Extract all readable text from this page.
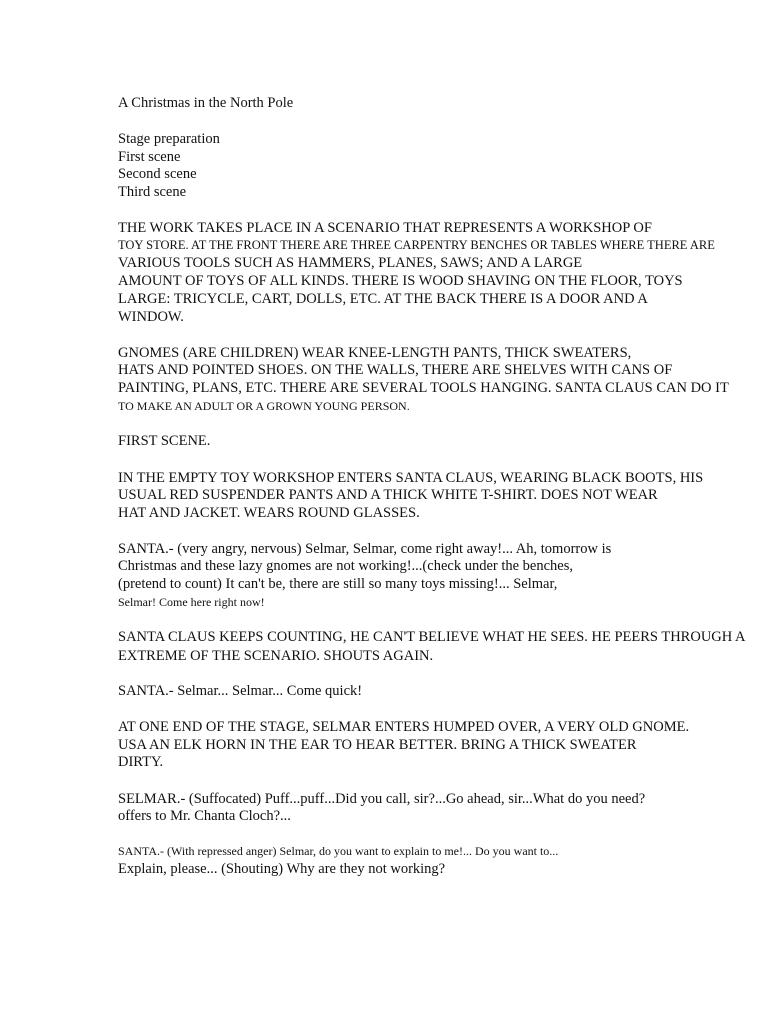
A Christmas in the North Pole

Stage preparation

First scene

Second scene

Third scene

THE WORK TAKES PLACE IN A SCENARIO THAT REPRESENTS A WORKSHOP OF

TOY STORE. AT THE FRONT THERE ARE THREE CARPENTRY BENCHES OR TABLES WHERE THERE ARE

VARIOUS TOOLS SUCH AS HAMMERS, PLANES, SAWS; AND A LARGE

AMOUNT OF TOYS OF ALL KINDS. THERE IS WOOD SHAVING ON THE FLOOR, TOYS

LARGE: TRICYCLE, CART, DOLLS, ETC. AT THE BACK THERE IS A DOOR AND A

WINDOW.

GNOMES (ARE CHILDREN) WEAR KNEE-LENGTH PANTS, THICK SWEATERS,

HATS AND POINTED SHOES. ON THE WALLS, THERE ARE SHELVES WITH CANS OF

PAINTING, PLANS, ETC. THERE ARE SEVERAL TOOLS HANGING. SANTA CLAUS CAN DO IT

TO MAKE AN ADULT OR A GROWN YOUNG PERSON.

FIRST SCENE.

IN THE EMPTY TOY WORKSHOP ENTERS SANTA CLAUS, WEARING BLACK BOOTS, HIS

USUAL RED SUSPENDER PANTS AND A THICK WHITE T-SHIRT. DOES NOT WEAR

HAT AND JACKET. WEARS ROUND GLASSES.

SANTA.- (very angry, nervous) Selmar, Selmar, come right away!... Ah, tomorrow is

Christmas and these lazy gnomes are not working!...(check under the benches,

(pretend to count) It can't be, there are still so many toys missing!... Selmar,

Selmar! Come here right now!

SANTA CLAUS KEEPS COUNTING, HE CAN'T BELIEVE WHAT HE SEES. HE PEERS THROUGH A

EXTREME OF THE SCENARIO. SHOUTS AGAIN.

SANTA.- Selmar... Selmar... Come quick!

AT ONE END OF THE STAGE, SELMAR ENTERS HUMPED OVER, A VERY OLD GNOME.

USA AN ELK HORN IN THE EAR TO HEAR BETTER. BRING A THICK SWEATER

DIRTY.

SELMAR.- (Suffocated) Puff...puff...Did you call, sir?...Go ahead, sir...What do you need?

offers to Mr. Chanta Cloch?...

SANTA.- (With repressed anger) Selmar, do you want to explain to me!... Do you want to...

Explain, please... (Shouting) Why are they not working?
